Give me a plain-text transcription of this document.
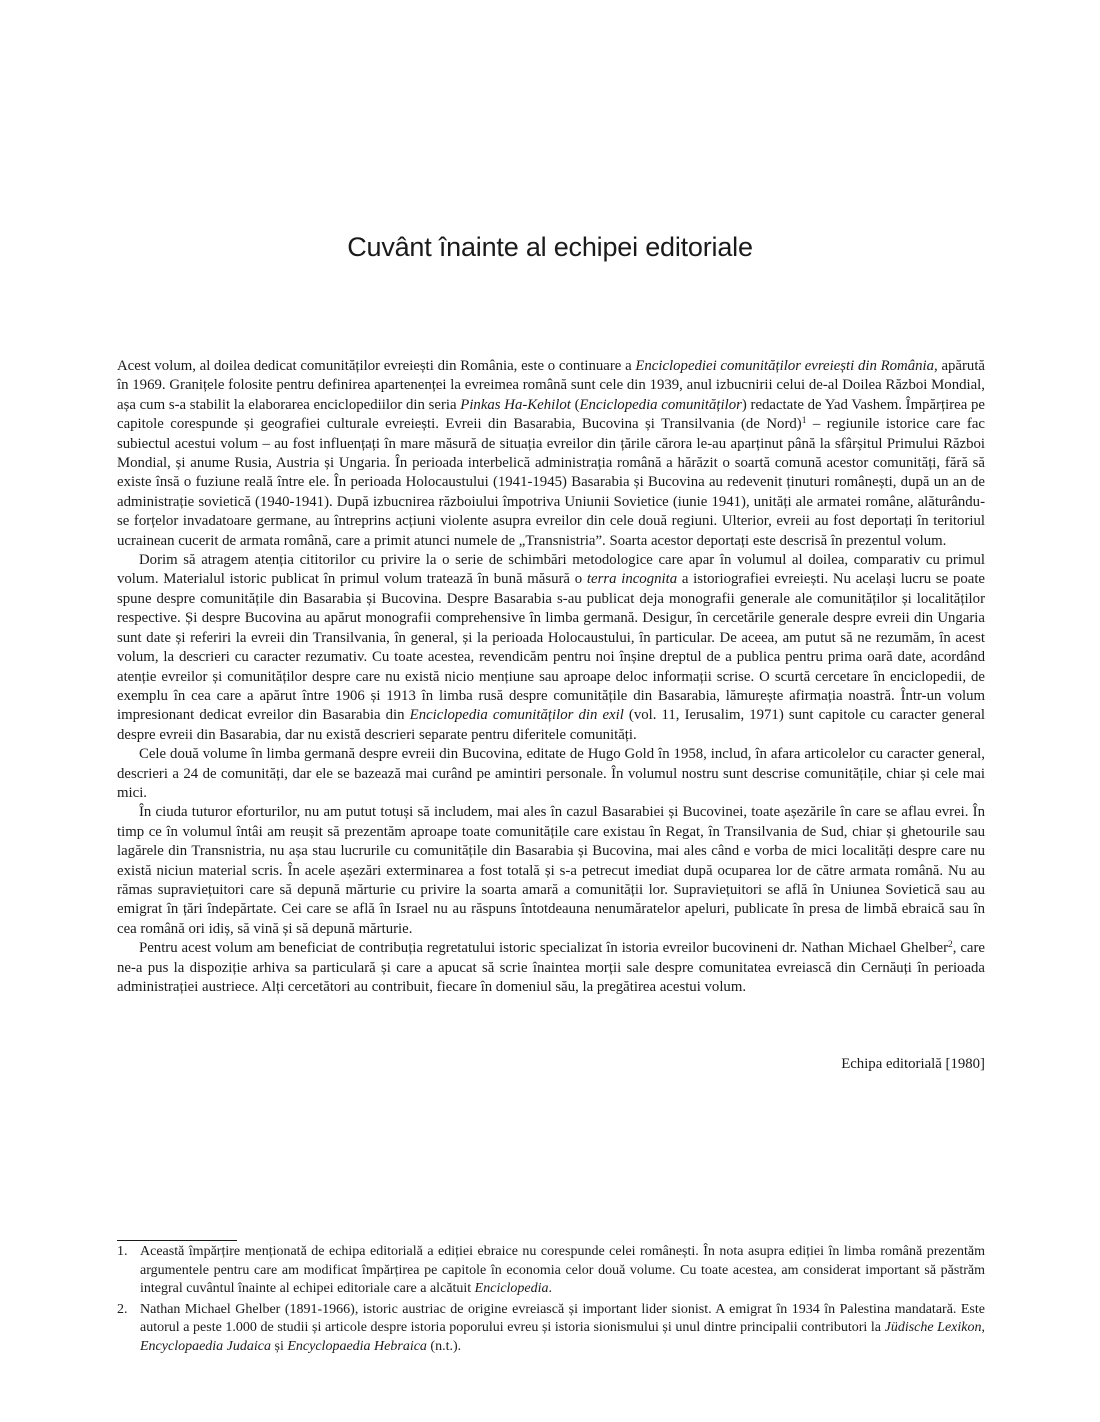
Cuvânt înainte al echipei editoriale

Acest volum, al doilea dedicat comunităților evreiești din România, este o continuare a Enciclopediei comunităților evreiești din România, apărută în 1969. Granițele folosite pentru definirea apartenenței la evreimea română sunt cele din 1939, anul izbucnirii celui de-al Doilea Război Mondial, așa cum s-a stabilit la elaborarea enciclopediilor din seria Pinkas Ha-Kehilot (Enciclopedia comunităților) redactate de Yad Vashem. Împărțirea pe capitole corespunde și geografiei culturale evreiești. Evreii din Basarabia, Bucovina și Transilvania (de Nord)$^1$ – regiunile istorice care fac subiectul acestui volum – au fost influențați în mare măsură de situația evreilor din țările cărora le-au aparținut până la sfârșitul Primului Război Mondial, și anume Rusia, Austria și Ungaria. În perioada interbelică administrația română a hărăzit o soartă comună acestor comunități, fără să existe însă o fuziune reală între ele. În perioada Holocaustului (1941-1945) Basarabia și Bucovina au redevenit ținuturi românești, după un an de administrație sovietică (1940-1941). După izbucnirea războiului împotriva Uniunii Sovietice (iunie 1941), unități ale armatei române, alăturându-se forțelor invadatoare germane, au întreprins acțiuni violente asupra evreilor din cele două regiuni. Ulterior, evreii au fost deportați în teritoriul ucrainean cucerit de armata română, care a primit atunci numele de „Transnistria”. Soarta acestor deportați este descrisă în prezentul volum.

Dorim să atragem atenția cititorilor cu privire la o serie de schimbări metodologice care apar în volumul al doilea, comparativ cu primul volum. Materialul istoric publicat în primul volum tratează în bună măsură o terra incognita a istoriografiei evreiești. Nu același lucru se poate spune despre comunitățile din Basarabia și Bucovina. Despre Basarabia s-au publicat deja monografii generale ale comunităților și localităților respective. Și despre Bucovina au apărut monografii comprehensive în limba germană. Desigur, în cercetările generale despre evreii din Ungaria sunt date și referiri la evreii din Transilvania, în general, și la perioada Holocaustului, în particular. De aceea, am putut să ne rezumăm, în acest volum, la descrieri cu caracter rezumativ. Cu toate acestea, revendicăm pentru noi înșine dreptul de a publica pentru prima oară date, acordând atenție evreilor și comunităților despre care nu există nicio mențiune sau aproape deloc informații scrise. O scurtă cercetare în enciclopedii, de exemplu în cea care a apărut între 1906 și 1913 în limba rusă despre comunitățile din Basarabia, lămurește afirmația noastră. Într-un volum impresionant dedicat evreilor din Basarabia din Enciclopedia comunităților din exil (vol. 11, Ierusalim, 1971) sunt capitole cu caracter general despre evreii din Basarabia, dar nu există descrieri separate pentru diferitele comunități.

Cele două volume în limba germană despre evreii din Bucovina, editate de Hugo Gold în 1958, includ, în afara articolelor cu caracter general, descrieri a 24 de comunități, dar ele se bazează mai curând pe amintiri personale. În volumul nostru sunt descrise comunitățile, chiar și cele mai mici.

În ciuda tuturor eforturilor, nu am putut totuși să includem, mai ales în cazul Basarabiei și Bucovinei, toate așezările în care se aflau evrei. În timp ce în volumul întâi am reușit să prezentăm aproape toate comunitățile care existau în Regat, în Transilvania de Sud, chiar și ghetourile sau lagărele din Transnistria, nu așa stau lucrurile cu comunitățile din Basarabia și Bucovina, mai ales când e vorba de mici localități despre care nu există niciun material scris. În acele așezări exterminarea a fost totală și s-a petrecut imediat după ocuparea lor de către armata română. Nu au rămas supraviețuitori care să depună mărturie cu privire la soarta amară a comunității lor. Supraviețuitori se află în Uniunea Sovietică sau au emigrat în țări îndepărtate. Cei care se află în Israel nu au răspuns întotdeauna nenumăratelor apeluri, publicate în presa de limbă ebraică sau în cea română ori idiș, să vină și să depună mărturie.

Pentru acest volum am beneficiat de contribuția regretatului istoric specializat în istoria evreilor bucovineni dr. Nathan Michael Ghelber$^2$, care ne-a pus la dispoziție arhiva sa particulară și care a apucat să scrie înaintea morții sale despre comunitatea evreiască din Cernăuți în perioada administrației austriece. Alți cercetători au contribuit, fiecare în domeniul său, la pregătirea acestui volum.

Echipa editorială [1980]
1. Această împărțire menționată de echipa editorială a ediției ebraice nu corespunde celei românești. În nota asupra ediției în limba română prezentăm argumentele pentru care am modificat împărțirea pe capitole în economia celor două volume. Cu toate acestea, am considerat important să păstrăm integral cuvântul înainte al echipei editoriale care a alcătuit Enciclopedia.
2. Nathan Michael Ghelber (1891-1966), istoric austriac de origine evreiască și important lider sionist. A emigrat în 1934 în Palestina mandatară. Este autorul a peste 1.000 de studii și articole despre istoria poporului evreu și istoria sionismului și unul dintre principalii contributori la Jüdische Lexikon, Encyclopaedia Judaica și Encyclopaedia Hebraica (n.t.).
